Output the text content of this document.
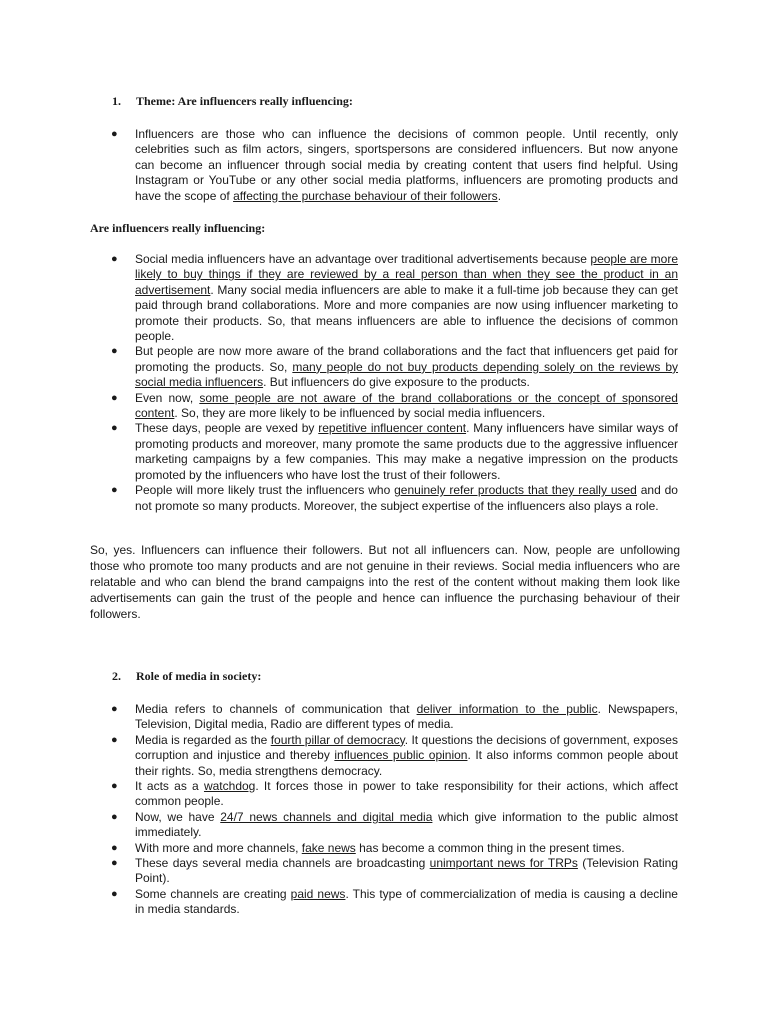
1. Theme: Are influencers really influencing:
● Influencers are those who can influence the decisions of common people. Until recently, only celebrities such as film actors, singers, sportspersons are considered influencers. But now anyone can become an influencer through social media by creating content that users find helpful. Using Instagram or YouTube or any other social media platforms, influencers are promoting products and have the scope of affecting the purchase behaviour of their followers.
Are influencers really influencing:
● Social media influencers have an advantage over traditional advertisements because people are more likely to buy things if they are reviewed by a real person than when they see the product in an advertisement. Many social media influencers are able to make it a full-time job because they can get paid through brand collaborations. More and more companies are now using influencer marketing to promote their products. So, that means influencers are able to influence the decisions of common people.
● But people are now more aware of the brand collaborations and the fact that influencers get paid for promoting the products. So, many people do not buy products depending solely on the reviews by social media influencers. But influencers do give exposure to the products.
● Even now, some people are not aware of the brand collaborations or the concept of sponsored content. So, they are more likely to be influenced by social media influencers.
● These days, people are vexed by repetitive influencer content. Many influencers have similar ways of promoting products and moreover, many promote the same products due to the aggressive influencer marketing campaigns by a few companies. This may make a negative impression on the products promoted by the influencers who have lost the trust of their followers.
● People will more likely trust the influencers who genuinely refer products that they really used and do not promote so many products. Moreover, the subject expertise of the influencers also plays a role.
So, yes. Influencers can influence their followers. But not all influencers can. Now, people are unfollowing those who promote too many products and are not genuine in their reviews. Social media influencers who are relatable and who can blend the brand campaigns into the rest of the content without making them look like advertisements can gain the trust of the people and hence can influence the purchasing behaviour of their followers.
2. Role of media in society:
● Media refers to channels of communication that deliver information to the public. Newspapers, Television, Digital media, Radio are different types of media.
● Media is regarded as the fourth pillar of democracy. It questions the decisions of government, exposes corruption and injustice and thereby influences public opinion. It also informs common people about their rights. So, media strengthens democracy.
● It acts as a watchdog. It forces those in power to take responsibility for their actions, which affect common people.
● Now, we have 24/7 news channels and digital media which give information to the public almost immediately.
● With more and more channels, fake news has become a common thing in the present times.
● These days several media channels are broadcasting unimportant news for TRPs (Television Rating Point).
● Some channels are creating paid news. This type of commercialization of media is causing a decline in media standards.
